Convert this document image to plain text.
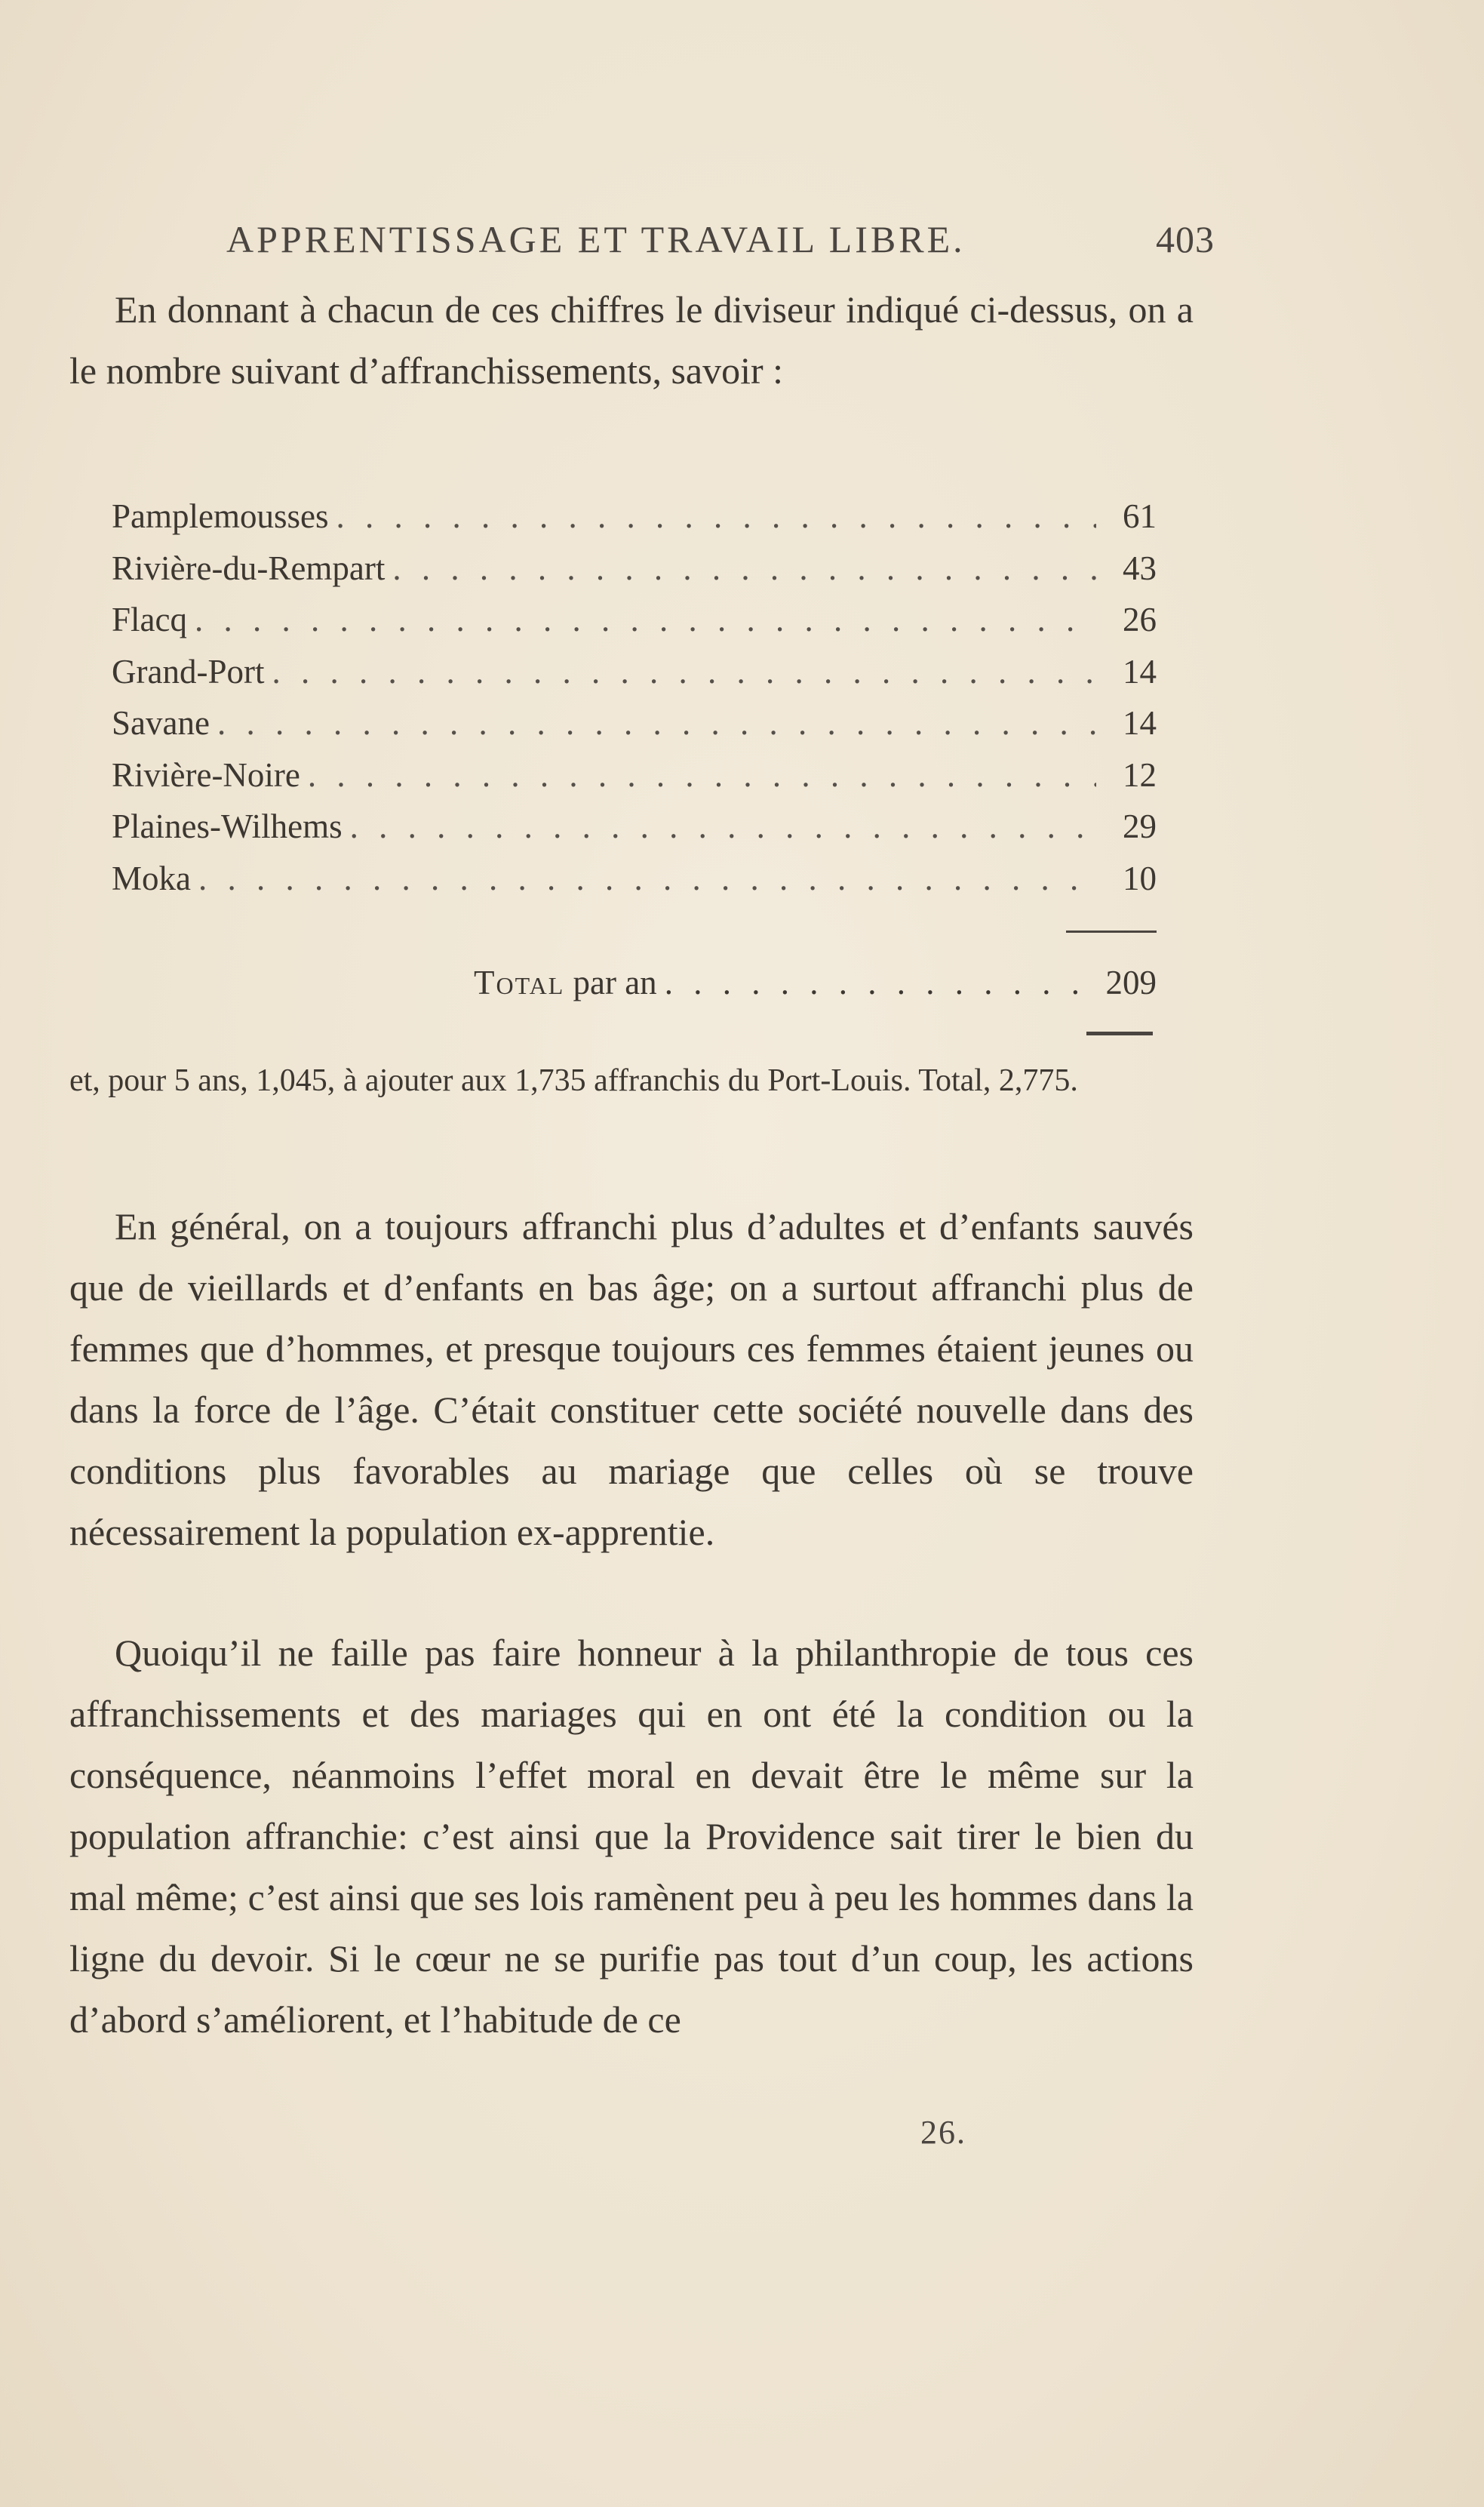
APPRENTISSAGE ET TRAVAIL LIBRE.	403
En donnant à chacun de ces chiffres le diviseur indiqué ci-dessus, on a le nombre suivant d’affranchissements, savoir :
Pamplemousses . . .	61
Rivière-du-Rempart . . .	43
Flacq . . .	26
Grand-Port . . .	14
Savane . . .	14
Rivière-Noire . . .	12
Plaines-Wilhems . . .	29
Moka . . .	10
Total par an . . .	209
et, pour 5 ans, 1,045, à ajouter aux 1,735 affranchis du Port-Louis. Total, 2,775.
En général, on a toujours affranchi plus d’adultes et d’enfants sauvés que de vieillards et d’enfants en bas âge; on a surtout affranchi plus de femmes que d’hommes, et presque toujours ces femmes étaient jeunes ou dans la force de l’âge. C’était constituer cette société nouvelle dans des conditions plus favorables au mariage que celles où se trouve nécessairement la population ex-apprentie.
Quoiqu’il ne faille pas faire honneur à la philanthropie de tous ces affranchissements et des mariages qui en ont été la condition ou la conséquence, néanmoins l’effet moral en devait être le même sur la population affranchie: c’est ainsi que la Providence sait tirer le bien du mal même; c’est ainsi que ses lois ramènent peu à peu les hommes dans la ligne du devoir. Si le cœur ne se purifie pas tout d’un coup, les actions d’abord s’améliorent, et l’habitude de ce
26.
